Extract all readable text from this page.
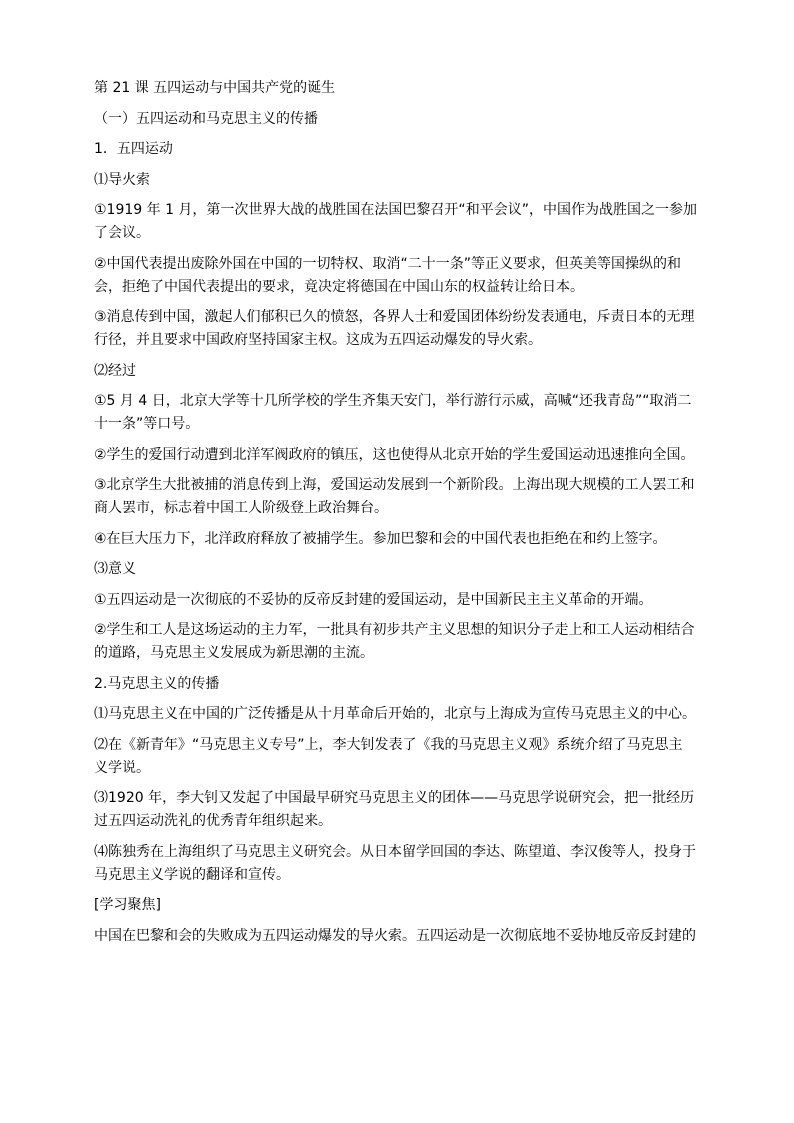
第 21 课 五四运动与中国共产党的诞生

（一）五四运动和马克思主义的传播

1．五四运动

⑴导火索

①1919 年 1 月，第一次世界大战的战胜国在法国巴黎召开“和平会议”，中国作为战胜国之一参加

了会议。

②中国代表提出废除外国在中国的一切特权、取消“二十一条”等正义要求，但英美等国操纵的和

会，拒绝了中国代表提出的要求，竟决定将德国在中国山东的权益转让给日本。

③消息传到中国，激起人们郁积已久的愤怒，各界人士和爱国团体纷纷发表通电，斥责日本的无理

行径，并且要求中国政府坚持国家主权。这成为五四运动爆发的导火索。

⑵经过

①5 月 4 日，北京大学等十几所学校的学生齐集天安门，举行游行示威，高喊“还我青岛”“取消二

十一条”等口号。

②学生的爱国行动遭到北洋军阀政府的镇压，这也使得从北京开始的学生爱国运动迅速推向全国。

③北京学生大批被捕的消息传到上海，爱国运动发展到一个新阶段。上海出现大规模的工人罢工和

商人罢市，标志着中国工人阶级登上政治舞台。

④在巨大压力下，北洋政府释放了被捕学生。参加巴黎和会的中国代表也拒绝在和约上签字。

⑶意义

①五四运动是一次彻底的不妥协的反帝反封建的爱国运动，是中国新民主主义革命的开端。

②学生和工人是这场运动的主力军，一批具有初步共产主义思想的知识分子走上和工人运动相结合

的道路，马克思主义发展成为新思潮的主流。

2.马克思主义的传播

⑴马克思主义在中国的广泛传播是从十月革命后开始的，北京与上海成为宣传马克思主义的中心。

⑵在《新青年》“马克思主义专号”上，李大钊发表了《我的马克思主义观》系统介绍了马克思主

义学说。

⑶1920 年，李大钊又发起了中国最早研究马克思主义的团体——马克思学说研究会，把一批经历

过五四运动洗礼的优秀青年组织起来。

⑷陈独秀在上海组织了马克思主义研究会。从日本留学回国的李达、陈望道、李汉俊等人，投身于

马克思主义学说的翻译和宣传。

[学习聚焦]

中国在巴黎和会的失败成为五四运动爆发的导火索。五四运动是一次彻底地不妥协地反帝反封建的
